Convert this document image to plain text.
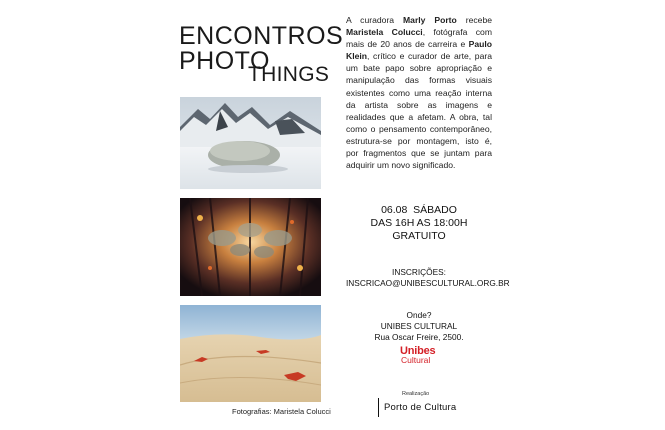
ENCONTROS
PHOTO
THINGS
Fotografias: Maristela Colucci
A curadora Marly Porto recebe Maristela Colucci, fotógrafa com mais de 20 anos de carreira e Paulo Klein, crítico e curador de arte, para um bate papo sobre apropriação e manipulação das formas visuais existentes como uma reação interna da artista sobre as imagens e realidades que a afetam. A obra, tal como o pensamento contemporâneo, estrutura-se por montagem, isto é, por fragmentos que se juntam para adquirir um novo significado.
06.08  SÁBADO
DAS 16H AS 18:00H
GRATUITO
INSCRIÇÕES:
INSCRICAO@UNIBESCULTURAL.ORG.BR
Onde?
UNIBES CULTURAL
Rua Oscar Freire, 2500.
Unibes
Cultural
Realização
Porto de Cultura
